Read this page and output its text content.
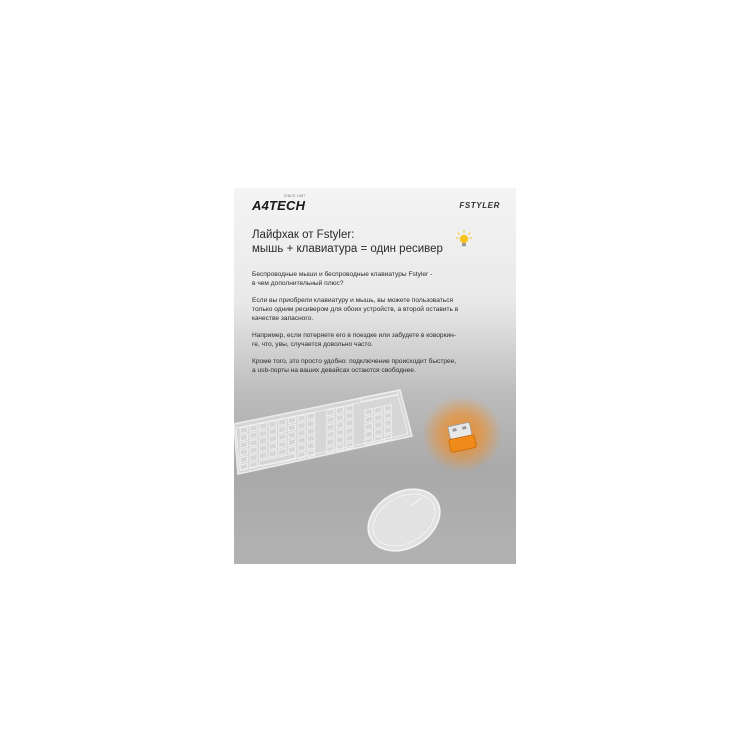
A4TECH
SINCE 1987
FSTYLER
Лайфхак от Fstyler:
мышь + клавиатура = один ресивер

Беспроводные мыши и беспроводные клавиатуры Fstyler -
в чем дополнительный плюс?

Если вы приобрели клавиатуру и мышь, вы можете пользоваться
только одним ресивером для обоих устройств, а второй оставить в
качестве запасного.

Например, если потеряете его в поездке или забудете в коворкин-
ге, что, увы, случается довольно часто.

Кроме того, это просто удобно: подключение происходит быстрее,
а usb-порты на ваших девайсах остаются свободнее.
